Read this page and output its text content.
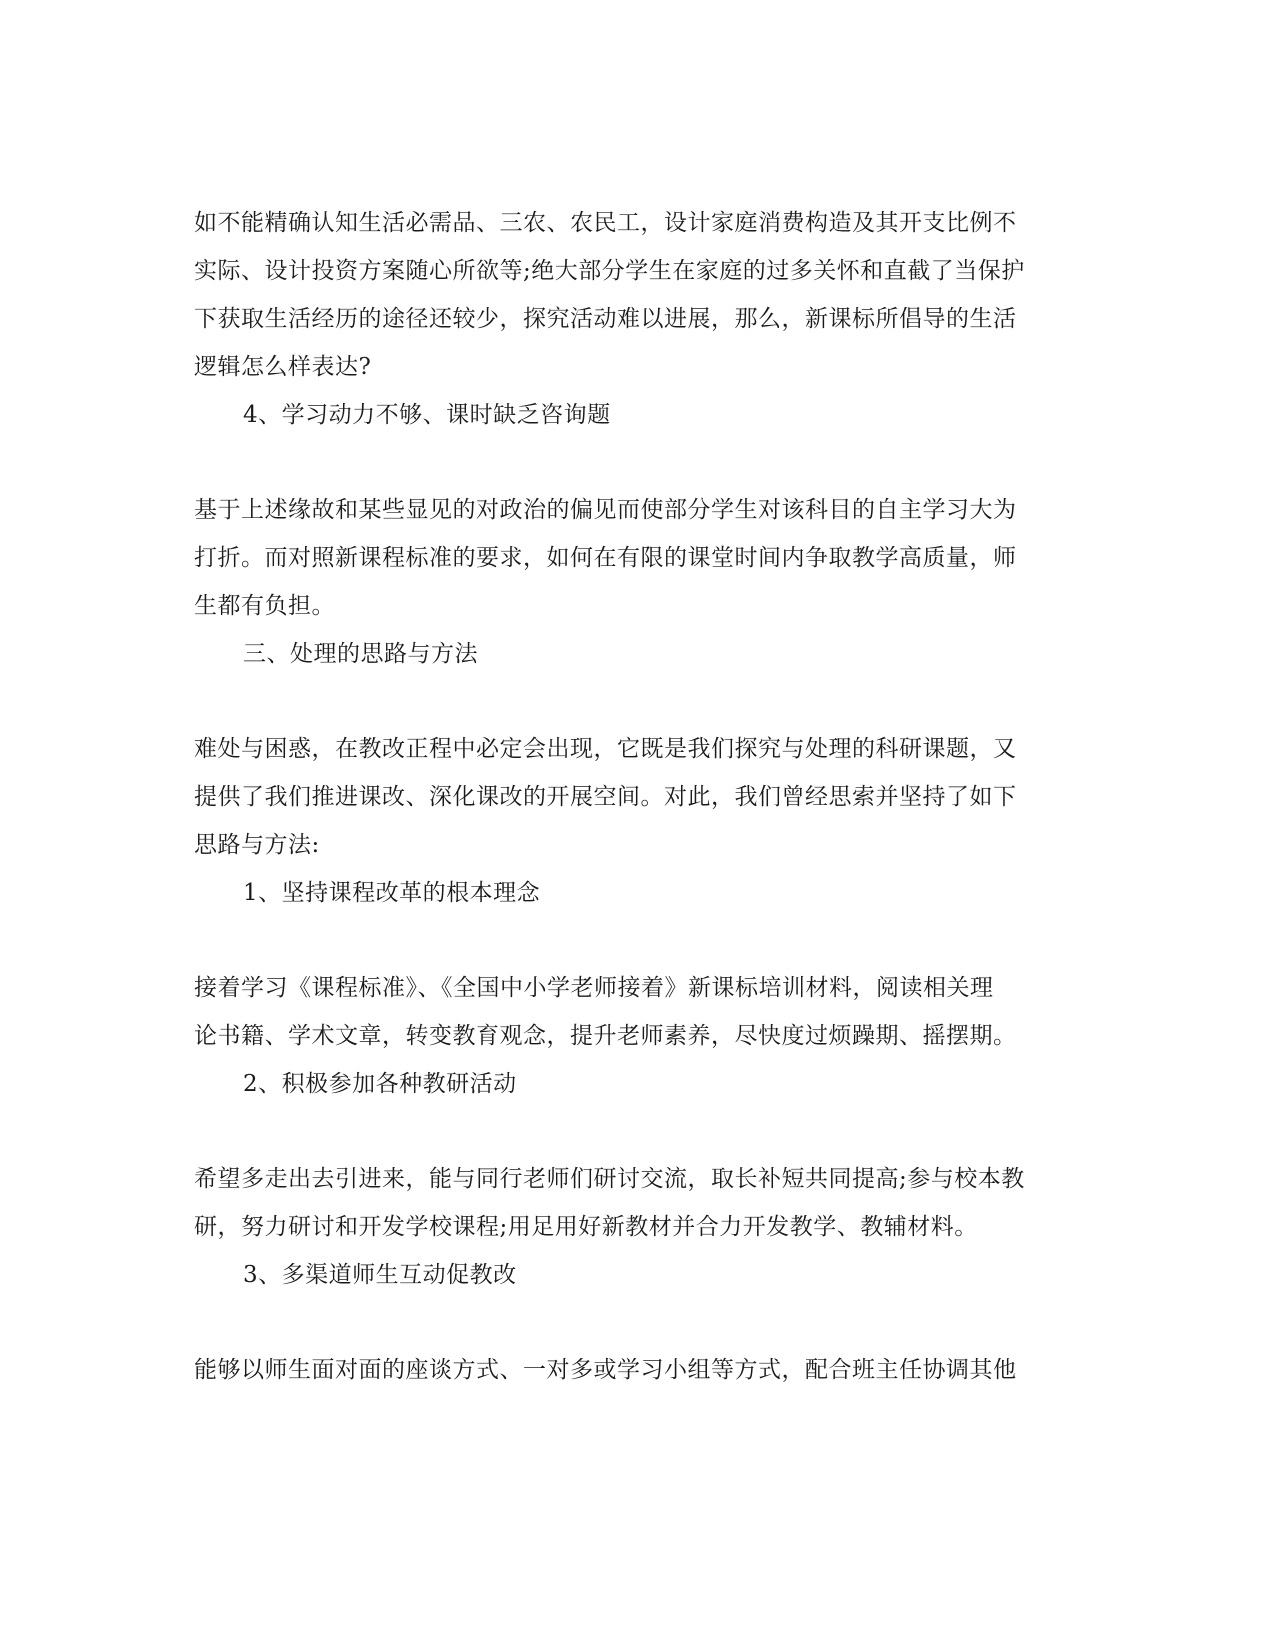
如不能精确认知生活必需品、三农、农民工，设计家庭消费构造及其开支比例不
实际、设计投资方案随心所欲等;绝大部分学生在家庭的过多关怀和直截了当保护
下获取生活经历的途径还较少，探究活动难以进展，那么，新课标所倡导的生活
逻辑怎么样表达?
4、学习动力不够、课时缺乏咨询题
基于上述缘故和某些显见的对政治的偏见而使部分学生对该科目的自主学习大为
打折。而对照新课程标准的要求，如何在有限的课堂时间内争取教学高质量，师
生都有负担。
三、处理的思路与方法
难处与困惑，在教改正程中必定会出现，它既是我们探究与处理的科研课题，又
提供了我们推进课改、深化课改的开展空间。对此，我们曾经思索并坚持了如下
思路与方法:
1、坚持课程改革的根本理念
接着学习《课程标准》、《全国中小学老师接着》新课标培训材料，阅读相关理
论书籍、学术文章，转变教育观念，提升老师素养，尽快度过烦躁期、摇摆期。
2、积极参加各种教研活动
希望多走出去引进来，能与同行老师们研讨交流，取长补短共同提高;参与校本教
研，努力研讨和开发学校课程;用足用好新教材并合力开发教学、教辅材料。
3、多渠道师生互动促教改
能够以师生面对面的座谈方式、一对多或学习小组等方式，配合班主任协调其他
